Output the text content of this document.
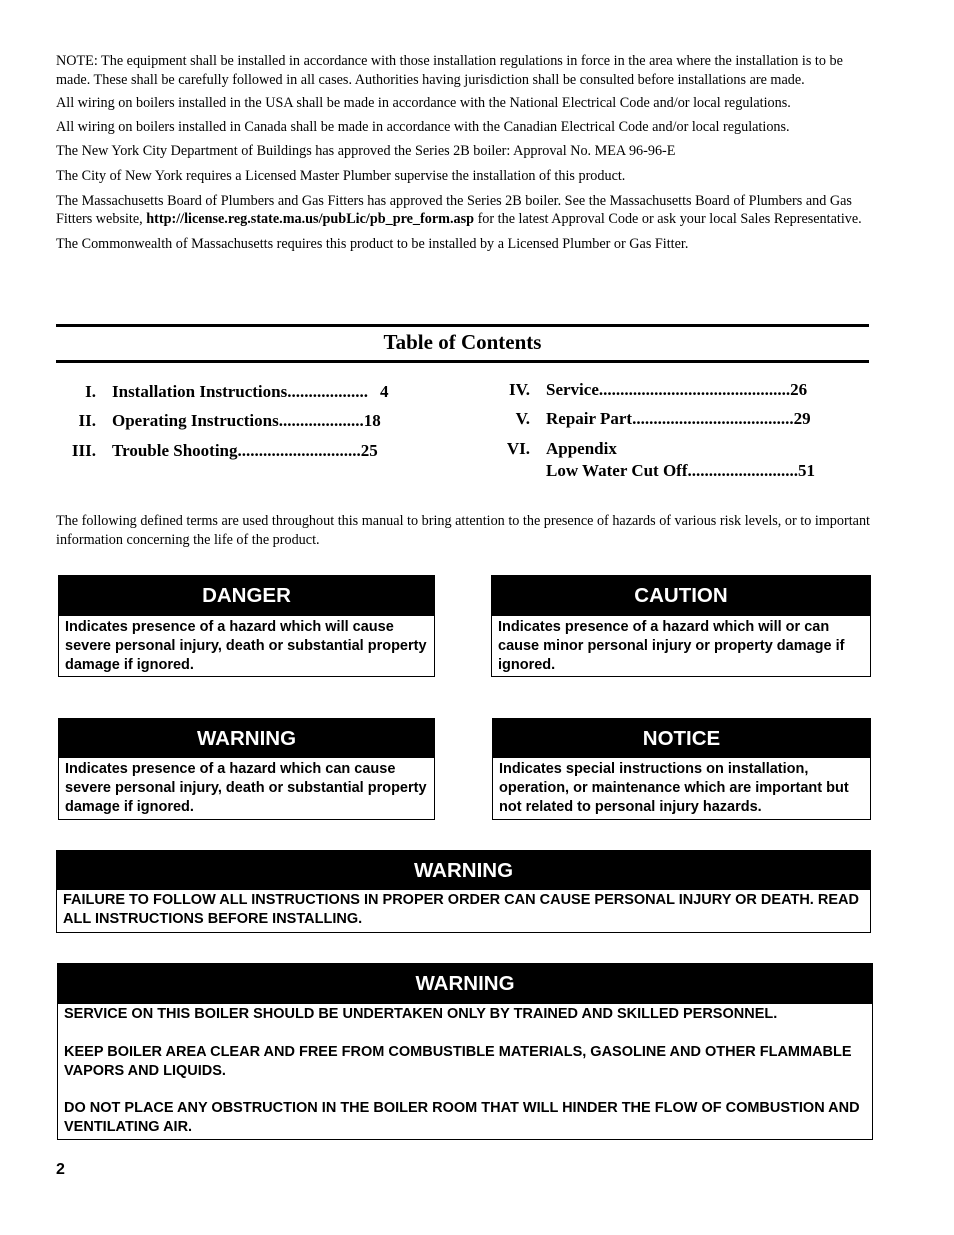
NOTE: The equipment shall be installed in accordance with those installation regulations in force in the area where the installation is to be made. These shall be carefully followed in all cases. Authorities having jurisdiction shall be consulted before installations are made.

All wiring on boilers installed in the USA shall be made in accordance with the National Electrical Code and/or local regulations.

All wiring on boilers installed in Canada shall be made in accordance with the Canadian Electrical Code and/or local regulations.

The New York City Department of Buildings has approved the Series 2B boiler: Approval No. MEA 96-96-E

The City of New York requires a Licensed Master Plumber supervise the installation of this product.

The Massachusetts Board of Plumbers and Gas Fitters has approved the Series 2B boiler. See the Massachusetts Board of Plumbers and Gas Fitters website, http://license.reg.state.ma.us/pubLic/pb_pre_form.asp for the latest Approval Code or ask your local Sales Representative.

The Commonwealth of Massachusetts requires this product to be installed by a Licensed Plumber or Gas Fitter.

Table of Contents
I. Installation Instructions ................... 4
II. Operating Instructions .................... 18
III. Trouble Shooting ............................. 25
IV. Service ............................................. 26
V. Repair Part ...................................... 29
VI. Appendix
Low Water Cut Off .......................... 51
The following defined terms are used throughout this manual to bring attention to the presence of hazards of various risk levels, or to important information concerning the life of the product.
DANGER
Indicates presence of a hazard which will cause severe personal injury, death or substantial property damage if ignored.
CAUTION
Indicates presence of a hazard which will or can cause minor personal injury or property damage if ignored.
WARNING
Indicates presence of a hazard which can cause severe personal injury, death or substantial property damage if ignored.
NOTICE
Indicates special instructions on installation, operation, or maintenance which are important but not related to personal injury hazards.
WARNING
FAILURE TO FOLLOW ALL INSTRUCTIONS IN PROPER ORDER CAN CAUSE PERSONAL INJURY OR DEATH. READ ALL INSTRUCTIONS BEFORE INSTALLING.
WARNING

SERVICE ON THIS BOILER SHOULD BE UNDERTAKEN ONLY BY TRAINED AND SKILLED PERSONNEL.

KEEP BOILER AREA CLEAR AND FREE FROM COMBUSTIBLE MATERIALS, GASOLINE AND OTHER FLAMMABLE VAPORS AND LIQUIDS.

DO NOT PLACE ANY OBSTRUCTION IN THE BOILER ROOM THAT WILL HINDER THE FLOW OF COMBUSTION AND VENTILATING AIR.

2
